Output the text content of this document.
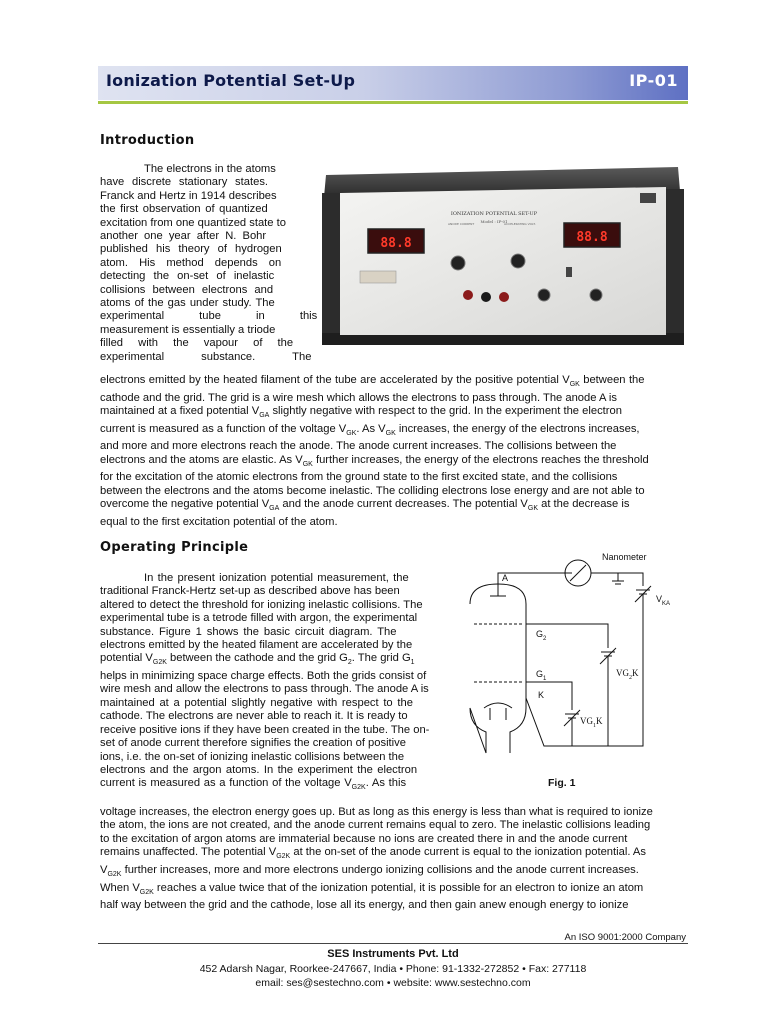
Ionization Potential Set-Up	IP-01
Introduction
The electrons in the atoms
have discrete stationary states.
Franck and Hertz in 1914 describes
the first observation of quantized
excitation from one quantized state to
another one year after N. Bohr
published his theory of hydrogen
atom. His method depends on
detecting the on-set of inelastic
collisions between electrons and
atoms of the gas under study. The
experimental tube in this
measurement is essentially a triode
filled with the vapour of the
experimental substance. The
88.8	88.8
IONIZATION POTENTIAL SET-UP
Model : IP-01
ANODE CURRENT	ACCELERATING VOLT.
electrons emitted by the heated filament of the tube are accelerated by the positive potential $V_{GK}$ between the
cathode and the grid. The grid is a wire mesh which allows the electrons to pass through. The anode A is
maintained at a fixed potential $V_{GA}$ slightly negative with respect to the grid. In the experiment the electron
current is measured as a function of the voltage $V_{GK}$. As $V_{GK}$ increases, the energy of the electrons increases,
and more and more electrons reach the anode. The anode current increases. The collisions between the
electrons and the atoms are elastic. As $V_{GK}$ further increases, the energy of the electrons reaches the threshold
for the excitation of the atomic electrons from the ground state to the first excited state, and the collisions
between the electrons and the atoms become inelastic. The colliding electrons lose energy and are not able to
overcome the negative potential $V_{GA}$ and the anode current decreases. The potential $V_{GK}$ at the decrease is
equal to the first excitation potential of the atom.
Operating Principle
In the present ionization potential measurement, the
traditional Franck-Hertz set-up as described above has been
altered to detect the threshold for ionizing inelastic collisions. The
experimental tube is a tetrode filled with argon, the experimental
substance. Figure 1 shows the basic circuit diagram. The
electrons emitted by the heated filament are accelerated by the
potential $V_{G2K}$ between the cathode and the grid $G_2$. The grid $G_1$
helps in minimizing space charge effects. Both the grids consist of
wire mesh and allow the electrons to pass through. The anode A is
maintained at a potential slightly negative with respect to the
cathode. The electrons are never able to reach it. It is ready to
receive positive ions if they have been created in the tube. The on-
set of anode current therefore signifies the creation of positive
ions, i.e. the on-set of ionizing inelastic collisions between the
electrons and the argon atoms. In the experiment the electron
current is measured as a function of the voltage $V_{G2K}$. As this
Nanometer
A
$G_2$
$G_1$
K
$V_{KA}$
$VG_2K$
$VG_1K$
Fig. 1
voltage increases, the electron energy goes up. But as long as this energy is less than what is required to ionize
the atom, the ions are not created, and the anode current remains equal to zero. The inelastic collisions leading
to the excitation of argon atoms are immaterial because no ions are created there in and the anode current
remains unaffected. The potential $V_{G2K}$ at the on-set of the anode current is equal to the ionization potential. As
$V_{G2K}$ further increases, more and more electrons undergo ionizing collisions and the anode current increases.
When $V_{G2K}$ reaches a value twice that of the ionization potential, it is possible for an electron to ionize an atom
half way between the grid and the cathode, lose all its energy, and then gain anew enough energy to ionize
An ISO 9001:2000 Company
SES Instruments Pvt. Ltd
452 Adarsh Nagar, Roorkee-247667, India • Phone: 91-1332-272852 • Fax: 277118
email: ses@sestechno.com • website: www.sestechno.com
